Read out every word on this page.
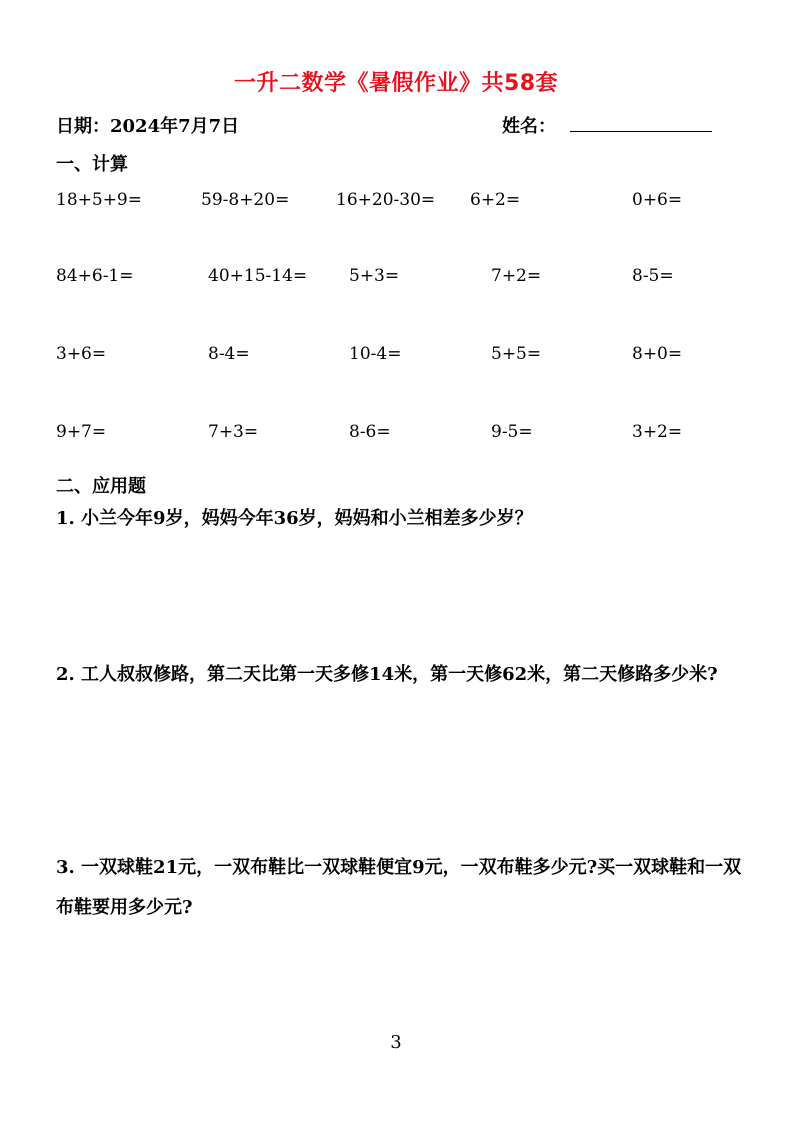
一升二数学《暑假作业》共58套
日期：2024年7月7日	姓名：
一、计算
18+5+9=	59-8+20=	16+20-30= 6+2=	0+6=
84+6-1=	40+15-14= 5+3=	7+2=	8-5=
3+6=	8-4=	10-4=	5+5=	8+0=
9+7=	7+3=	8-6=	9-5=	3+2=
二、应用题
1. 小兰今年9岁，妈妈今年36岁，妈妈和小兰相差多少岁？
2. 工人叔叔修路，第二天比第一天多修14米，第一天修62米，第二天修路多少米?
3. 一双球鞋21元，一双布鞋比一双球鞋便宜9元，一双布鞋多少元?买一双球鞋和一双布鞋要用多少元?
3
